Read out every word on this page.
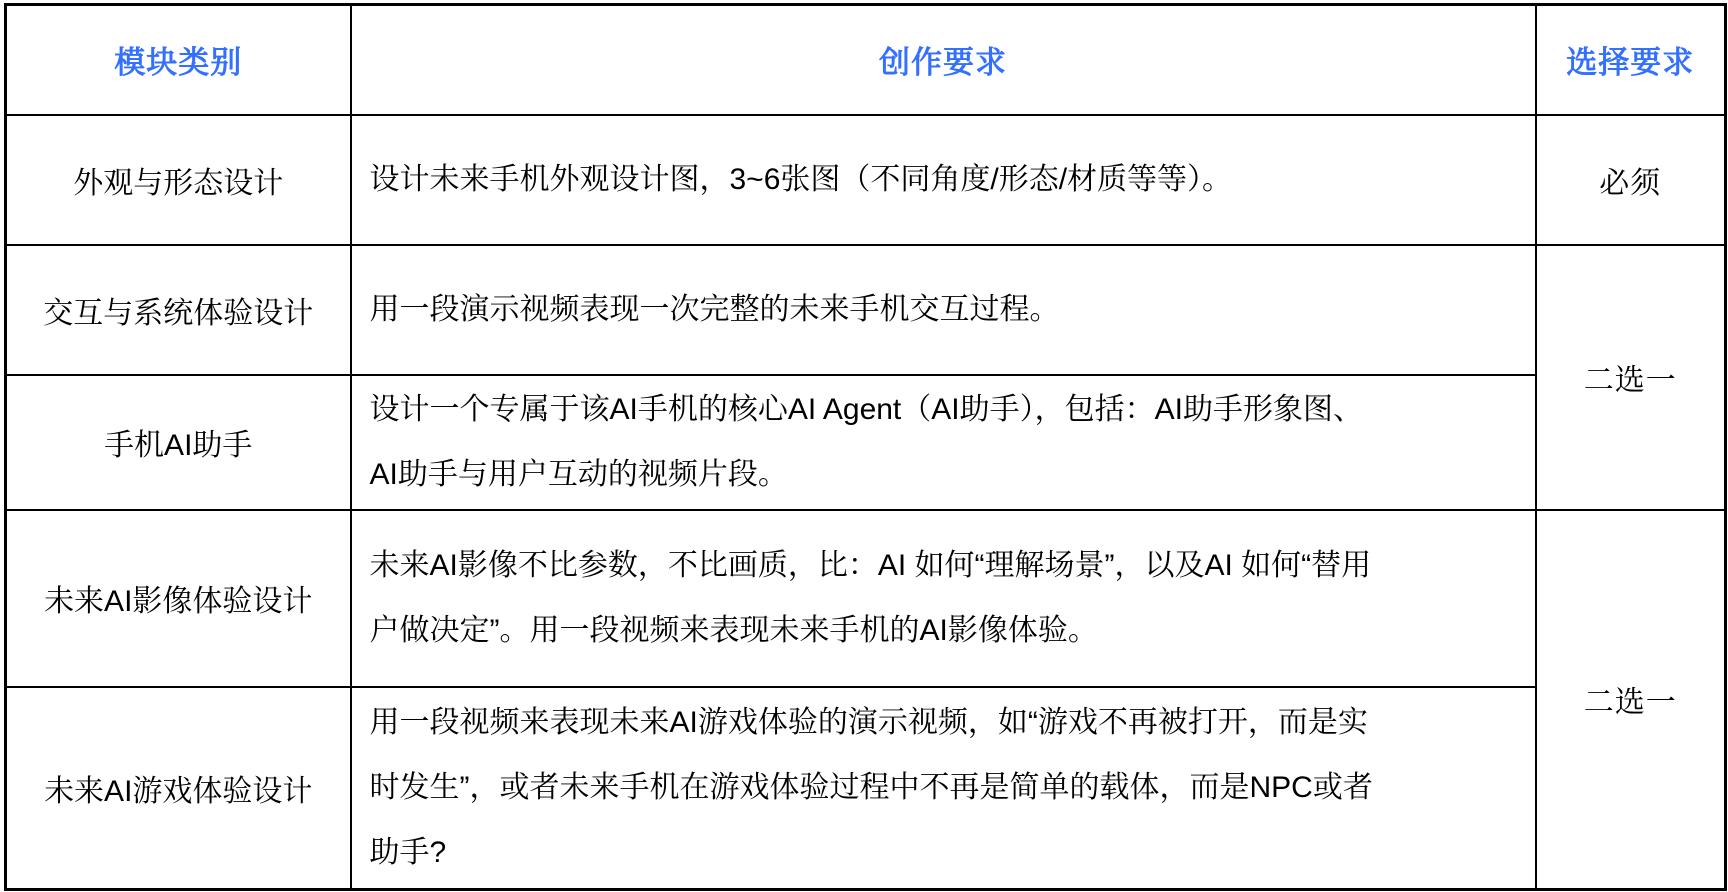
模块类别	创作要求	选择要求
外观与形态设计	设计未来手机外观设计图，3~6张图（不同角度/形态/材质等等）。	必须
交互与系统体验设计	用一段演示视频表现一次完整的未来手机交互过程。	二选一
手机AI助手	设计一个专属于该AI手机的核心AI Agent（AI助手），包括：AI助手形象图、
AI助手与用户互动的视频片段。	

未来AI影像体验设计	未来AI影像不比参数，不比画质，比：AI 如何“理解场景”，以及AI 如何“替用
户做决定”。用一段视频来表现未来手机的AI影像体验。	二选一
未来AI游戏体验设计	用一段视频来表现未来AI游戏体验的演示视频，如“游戏不再被打开，而是实
时发生”，或者未来手机在游戏体验过程中不再是简单的载体，而是NPC或者
助手?	
